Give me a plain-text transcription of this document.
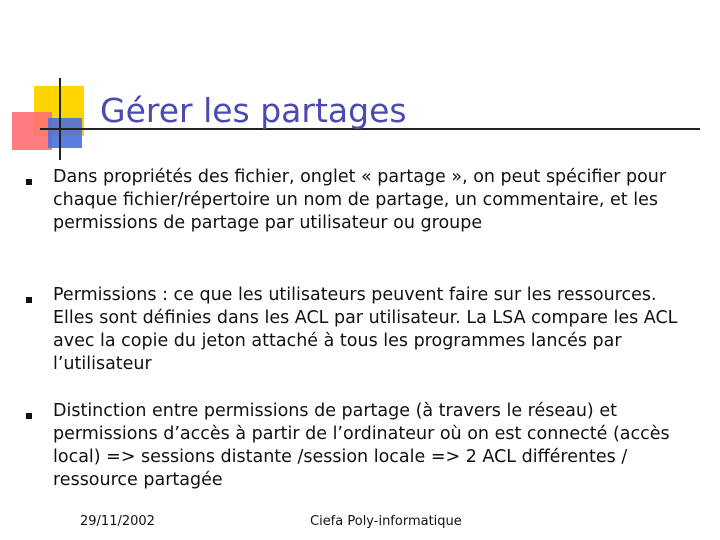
Gérer les partages
Dans propriétés des fichier, onglet « partage », on peut spécifier pour chaque fichier/répertoire un nom de partage, un commentaire, et les permissions de partage par utilisateur ou groupe
Permissions : ce que les utilisateurs peuvent faire sur les ressources. Elles sont définies dans les ACL par utilisateur. La LSA compare les ACL avec la copie du jeton attaché à tous les programmes lancés par l’utilisateur
Distinction entre permissions de partage (à travers le réseau) et permissions d’accès à partir de l’ordinateur où on est connecté (accès local) => sessions distante /session locale => 2 ACL différentes / ressource partagée
29/11/2002	Ciefa Poly-informatique
